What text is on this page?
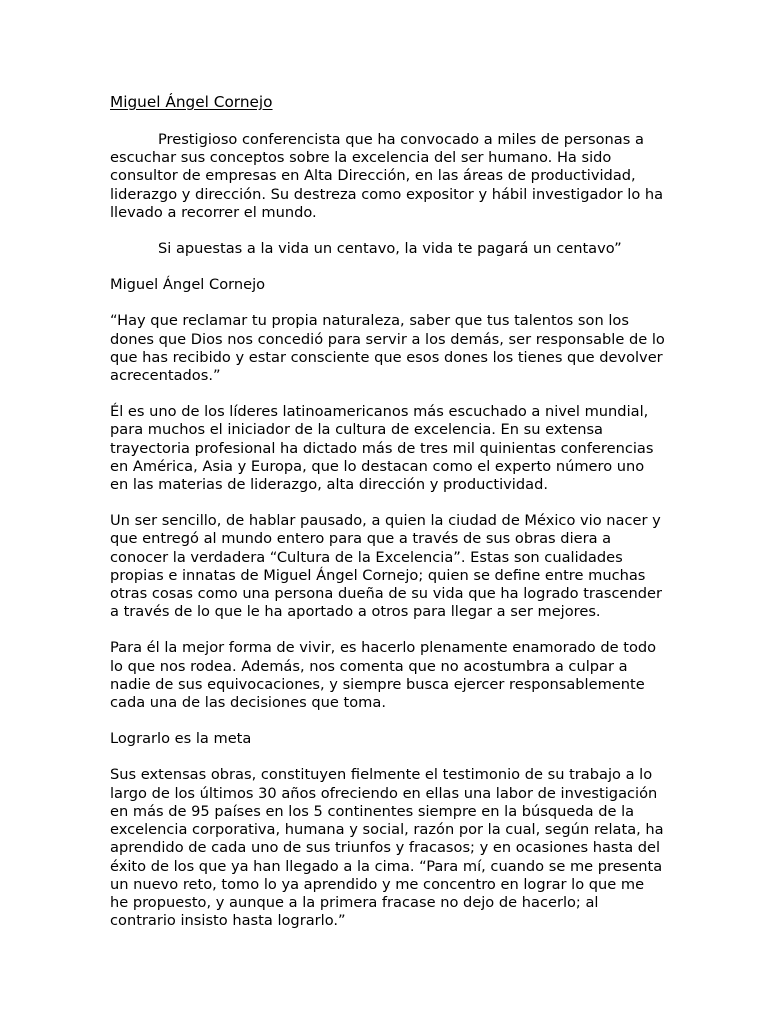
Miguel Ángel Cornejo

Prestigioso conferencista que ha convocado a miles de personas a escuchar sus conceptos sobre la excelencia del ser humano. Ha sido consultor de empresas en Alta Dirección, en las áreas de productividad, liderazgo y dirección. Su destreza como expositor y hábil investigador lo ha llevado a recorrer el mundo.

Si apuestas a la vida un centavo, la vida te pagará un centavo”

Miguel Ángel Cornejo

“Hay que reclamar tu propia naturaleza, saber que tus talentos son los dones que Dios nos concedió para servir a los demás, ser responsable de lo que has recibido y estar consciente que esos dones los tienes que devolver acrecentados.”

Él es uno de los líderes latinoamericanos más escuchado a nivel mundial, para muchos el iniciador de la cultura de excelencia. En su extensa trayectoria profesional ha dictado más de tres mil quinientas conferencias en América, Asia y Europa, que lo destacan como el experto número uno en las materias de liderazgo, alta dirección y productividad.

Un ser sencillo, de hablar pausado, a quien la ciudad de México vio nacer y que entregó al mundo entero para que a través de sus obras diera a conocer la verdadera “Cultura de la Excelencia”. Estas son cualidades propias e innatas de Miguel Ángel Cornejo; quien se define entre muchas otras cosas como una persona dueña de su vida que ha logrado trascender a través de lo que le ha aportado a otros para llegar a ser mejores.

Para él la mejor forma de vivir, es hacerlo plenamente enamorado de todo lo que nos rodea. Además, nos comenta que no acostumbra a culpar a nadie de sus equivocaciones, y siempre busca ejercer responsablemente cada una de las decisiones que toma.

Lograrlo es la meta

Sus extensas obras, constituyen fielmente el testimonio de su trabajo a lo largo de los últimos 30 años ofreciendo en ellas una labor de investigación en más de 95 países en los 5 continentes siempre en la búsqueda de la excelencia corporativa, humana y social, razón por la cual, según relata, ha aprendido de cada uno de sus triunfos y fracasos; y en ocasiones hasta del éxito de los que ya han llegado a la cima. “Para mí, cuando se me presenta un nuevo reto, tomo lo ya aprendido y me concentro en lograr lo que me he propuesto, y aunque a la primera fracase no dejo de hacerlo; al contrario insisto hasta lograrlo.”
